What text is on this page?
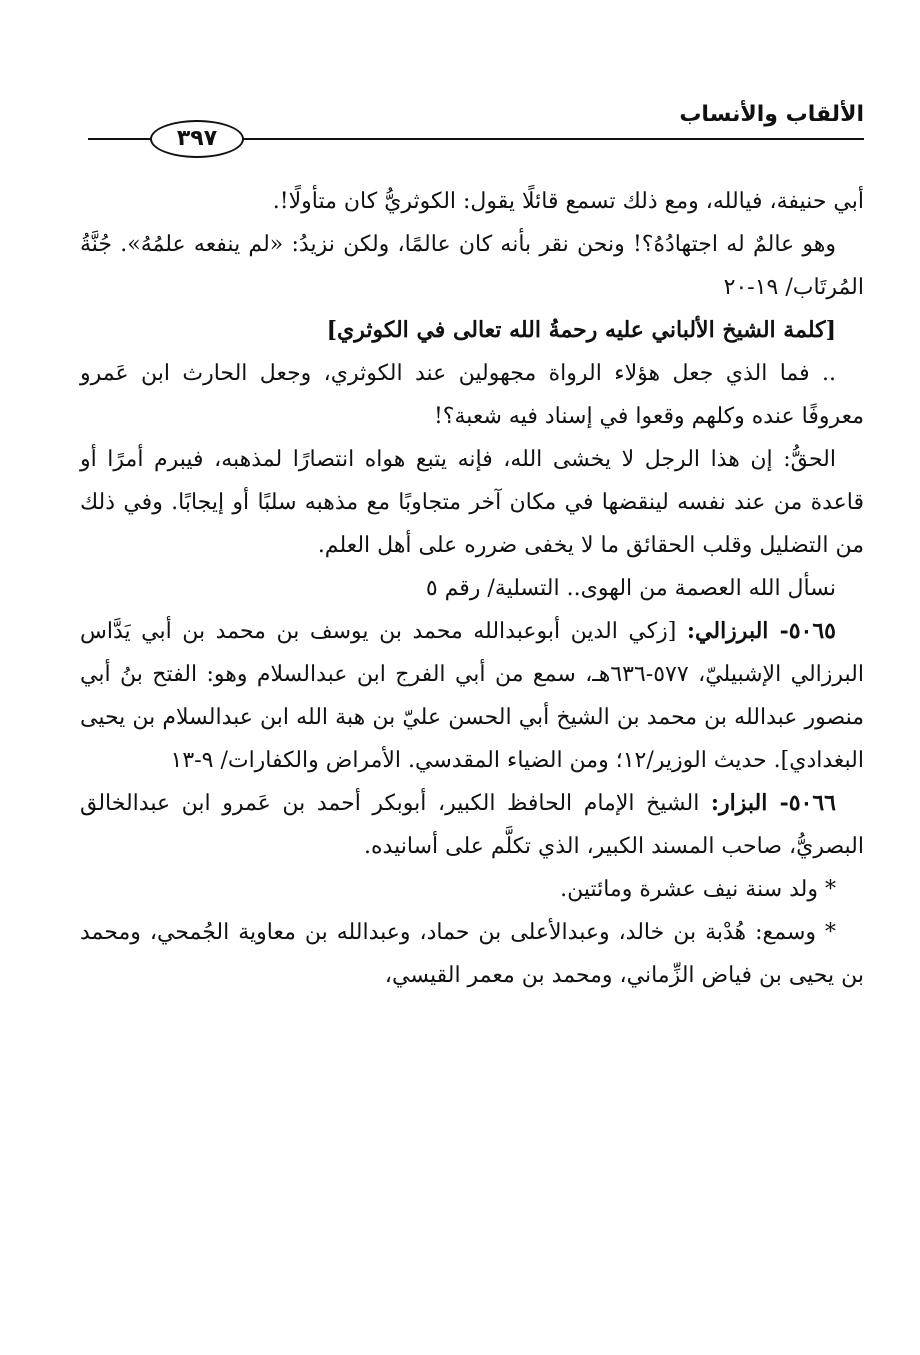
الألقاب والأنساب
٣٩٧

أبي حنيفة، فيالله، ومع ذلك تسمع قائلًا يقول: الكوثريُّ كان متأولًا!.

وهو عالمٌ له اجتهادُهُ؟! ونحن نقر بأنه كان عالمًا، ولكن نزيدُ: «لم ينفعه علمُهُ». جُنَّةُ المُرتَاب/ ١٩-٢٠

[كلمة الشيخ الألباني عليه رحمةُ الله تعالى في الكوثري]

.. فما الذي جعل هؤلاء الرواة مجهولين عند الكوثري، وجعل الحارث ابن عَمرو معروفًا عنده وكلهم وقعوا في إسناد فيه شعبة؟!

الحقُّ: إن هذا الرجل لا يخشى الله، فإنه يتبع هواه انتصارًا لمذهبه، فيبرم أمرًا أو قاعدة من عند نفسه لينقضها في مكان آخر متجاوبًا مع مذهبه سلبًا أو إيجابًا. وفي ذلك من التضليل وقلب الحقائق ما لا يخفى ضرره على أهل العلم.

نسأل الله العصمة من الهوى.. التسلية/ رقم ٥

٥٠٦٥- البرزالي: [زكي الدين أبوعبدالله محمد بن يوسف بن محمد بن أبي يَدَّاس البرزالي الإشبيليّ، ٥٧٧-٦٣٦هـ، سمع من أبي الفرج ابن عبدالسلام وهو: الفتح بنُ أبي منصور عبدالله بن محمد بن الشيخ أبي الحسن عليّ بن هبة الله ابن عبدالسلام بن يحيى البغدادي]. حديث الوزير/١٢؛ ومن الضياء المقدسي. الأمراض والكفارات/ ٩-١٣

٥٠٦٦- البزار: الشيخ الإمام الحافظ الكبير، أبوبكر أحمد بن عَمرو ابن عبدالخالق البصريُّ، صاحب المسند الكبير، الذي تكلَّم على أسانيده.

* ولد سنة نيف عشرة ومائتين.

* وسمع: هُدْبة بن خالد، وعبدالأعلى بن حماد، وعبدالله بن معاوية الجُمحي، ومحمد بن يحيى بن فياض الزِّماني، ومحمد بن معمر القيسي،
